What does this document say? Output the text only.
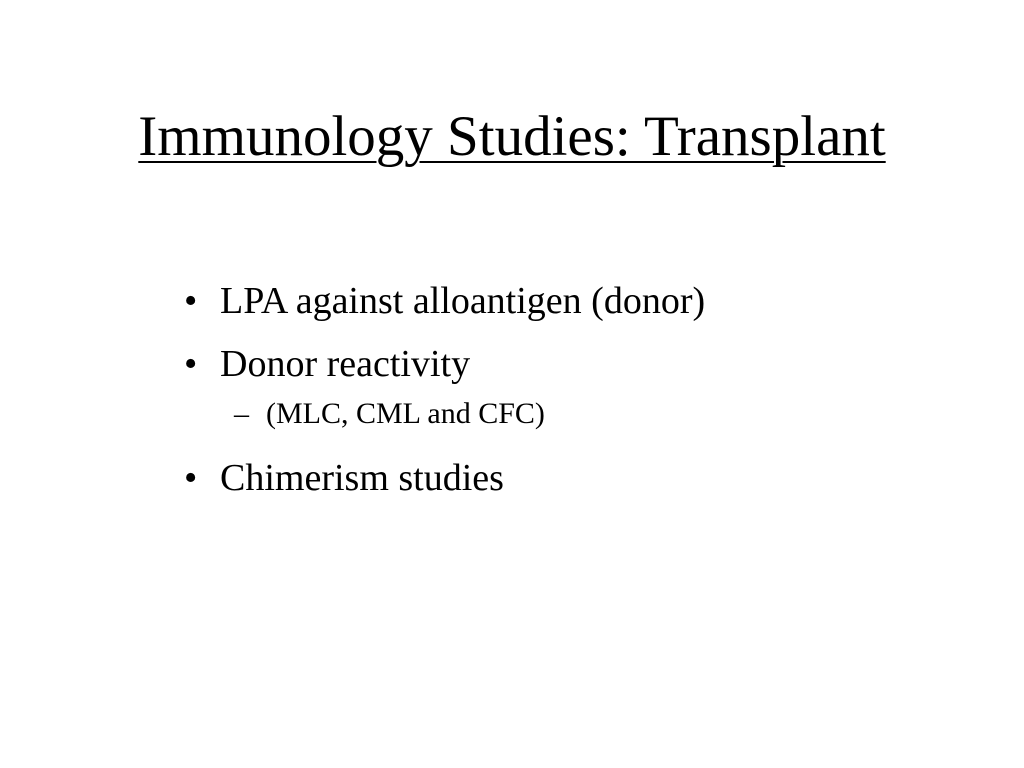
Immunology Studies: Transplant
• LPA against alloantigen (donor)
• Donor reactivity
– (MLC, CML and CFC)
• Chimerism studies
